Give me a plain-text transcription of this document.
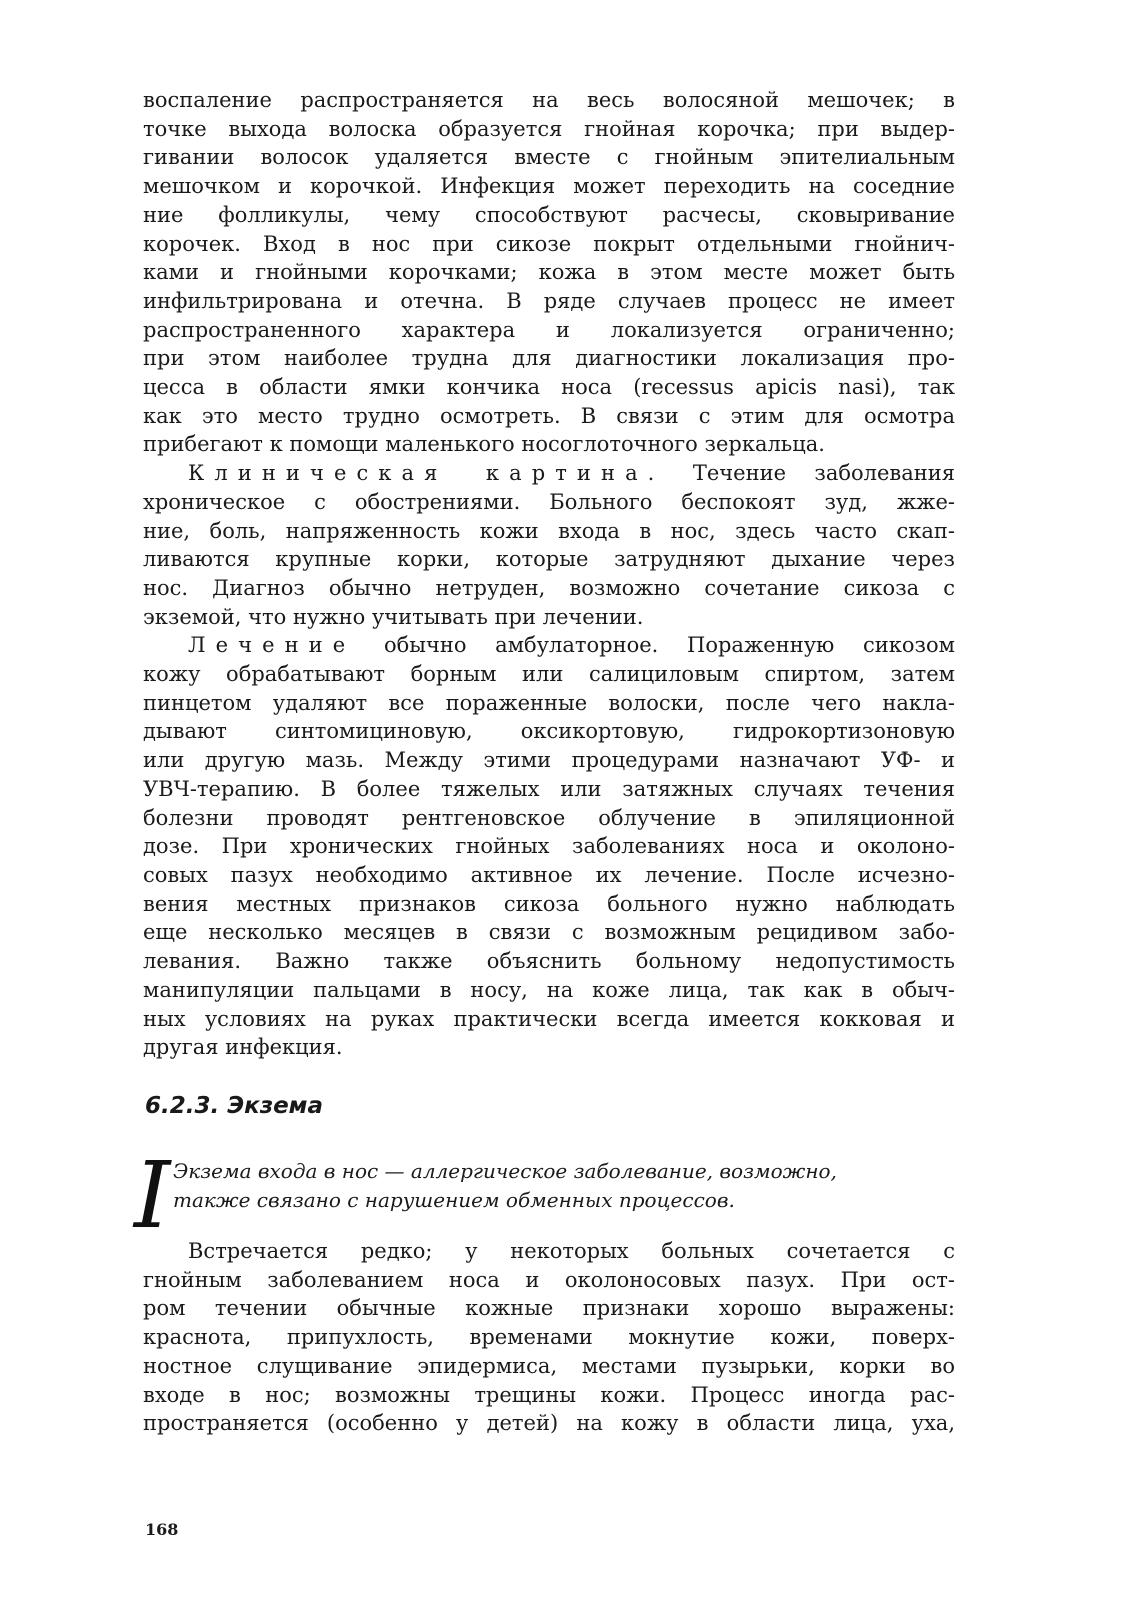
воспаление распространяется на весь волосяной мешочек; в

точке выхода волоска образуется гнойная корочка; при выдер-

гивании волосок удаляется вместе с гнойным эпителиальным

мешочком и корочкой. Инфекция может переходить на соседние

ние фолликулы, чему способствуют расчесы, сковыривание

корочек. Вход в нос при сикозе покрыт отдельными гнойнич-

ками и гнойными корочками; кожа в этом месте может быть

инфильтрирована и отечна. В ряде случаев процесс не имеет

распространенного характера и локализуется ограниченно;

при этом наиболее трудна для диагностики локализация про-

цесса в области ямки кончика носа (recessus apicis nasi), так

как это место трудно осмотреть. В связи с этим для осмотра

прибегают к помощи маленького носоглоточного зеркальца.

Клиническая картина. Течение заболевания

хроническое с обострениями. Больного беспокоят зуд, жже-

ние, боль, напряженность кожи входа в нос, здесь часто скап-

ливаются крупные корки, которые затрудняют дыхание через

нос. Диагноз обычно нетруден, возможно сочетание сикоза с

экземой, что нужно учитывать при лечении.

Лечение обычно амбулаторное. Пораженную сикозом

кожу обрабатывают борным или салициловым спиртом, затем

пинцетом удаляют все пораженные волоски, после чего накла-

дывают синтомициновую, оксикортовую, гидрокортизоновую

или другую мазь. Между этими процедурами назначают УФ- и

УВЧ-терапию. В более тяжелых или затяжных случаях течения

болезни проводят рентгеновское облучение в эпиляционной

дозе. При хронических гнойных заболеваниях носа и околоно-

совых пазух необходимо активное их лечение. После исчезно-

вения местных признаков сикоза больного нужно наблюдать

еще несколько месяцев в связи с возможным рецидивом забо-

левания. Важно также объяснить больному недопустимость

манипуляции пальцами в носу, на коже лица, так как в обыч-

ных условиях на руках практически всегда имеется кокковая и

другая инфекция.

6.2.3. Экзема
I Экзема входа в нос — аллергическое заболевание, возможно,
также связано с нарушением обменных процессов.

Встречается редко; у некоторых больных сочетается с

гнойным заболеванием носа и околоносовых пазух. При ост-

ром течении обычные кожные признаки хорошо выражены:

краснота, припухлость, временами мокнутие кожи, поверх-

ностное слущивание эпидермиса, местами пузырьки, корки во

входе в нос; возможны трещины кожи. Процесс иногда рас-

пространяется (особенно у детей) на кожу в области лица, уха,

168
